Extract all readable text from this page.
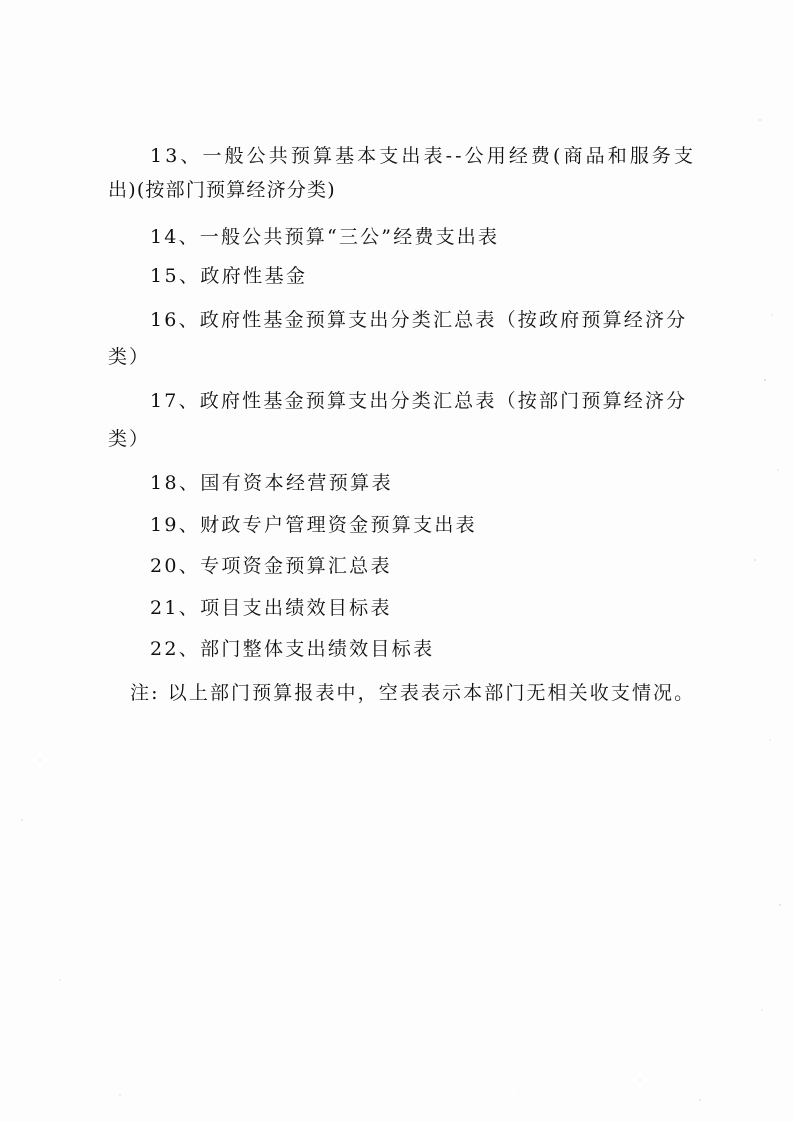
13、一般公共预算基本支出表--公用经费(商品和服务支
出)(按部门预算经济分类)
14、一般公共预算“三公”经费支出表
15、政府性基金
16、政府性基金预算支出分类汇总表（按政府预算经济分
类）
17、政府性基金预算支出分类汇总表（按部门预算经济分
类）
18、国有资本经营预算表
19、财政专户管理资金预算支出表
20、专项资金预算汇总表
21、项目支出绩效目标表
22、部门整体支出绩效目标表
注: 以上部门预算报表中，空表表示本部门无相关收支情况。
